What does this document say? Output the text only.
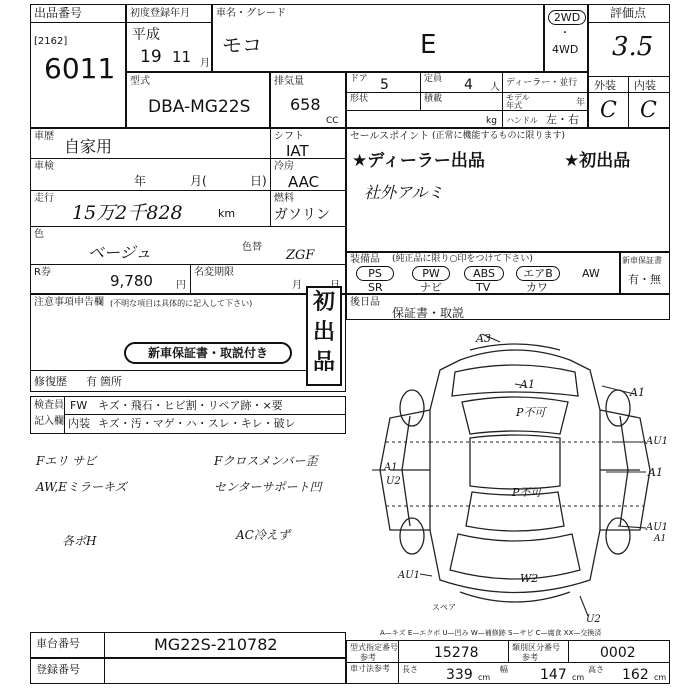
出品番号
[2162]
6011
初度登録年月
平成
19 11 月
車名・グレード
モコ	E
2WD
・
4WD
評価点
3.5
外装 内装
C C
型式
DBA-MG22S
排気量
658
CC
ドア 5	定員 4 人 ディーラー・並行
形状	積載
kg
モデル年式	年
ハンドル 左・右
車歴
自家用
車検
年	月(	日)
走行
15万2千828	km
シフト
IAT
冷房
AAC
燃料
ガソリン
色
ベージュ	色替
ZGF
R券	9,780 円
名変期限
月
注意事項申告欄 (不明な項目は具体的に記入して下さい)
新車保証書・取説付き
初
出
品
修復歴 有 箇所
セールスポイント (正常に機能するものに限ります)
★ディーラー出品	★初出品
社外アルミ
装備品 (純正品に限り○印をつけて下さい)
PS	PW	ABS	エアB	AW
SR	ナビ	TV	カワ
新車保証書
有・無
後日品
保証書・取説
検査員
記入欄
FW キズ・飛石・ヒビ割・リペア跡・×要
内装 キズ・汚・マゲ・ハ・スレ・キレ・破レ
Fエリ サビ	Fクロスメンバー歪
AW,Eミラーキズ	センターサポート凹
各ポH	AC冷えず
A3
A1
P不可
A1
AU1
A1
AU1
A1
A1
U2
P不可
AU1	W2
スペア
U2
A—キズ E—エクボ U—凹み W—補修跡 S—サビ C—腐食 XX—交換済
車台番号	MG22S-210782
登録番号
型式指定番号
参考	15278	類別区分番号
参考	0002
車寸法参考	長さ 339 cm
幅 147 cm
高さ 162 cm
